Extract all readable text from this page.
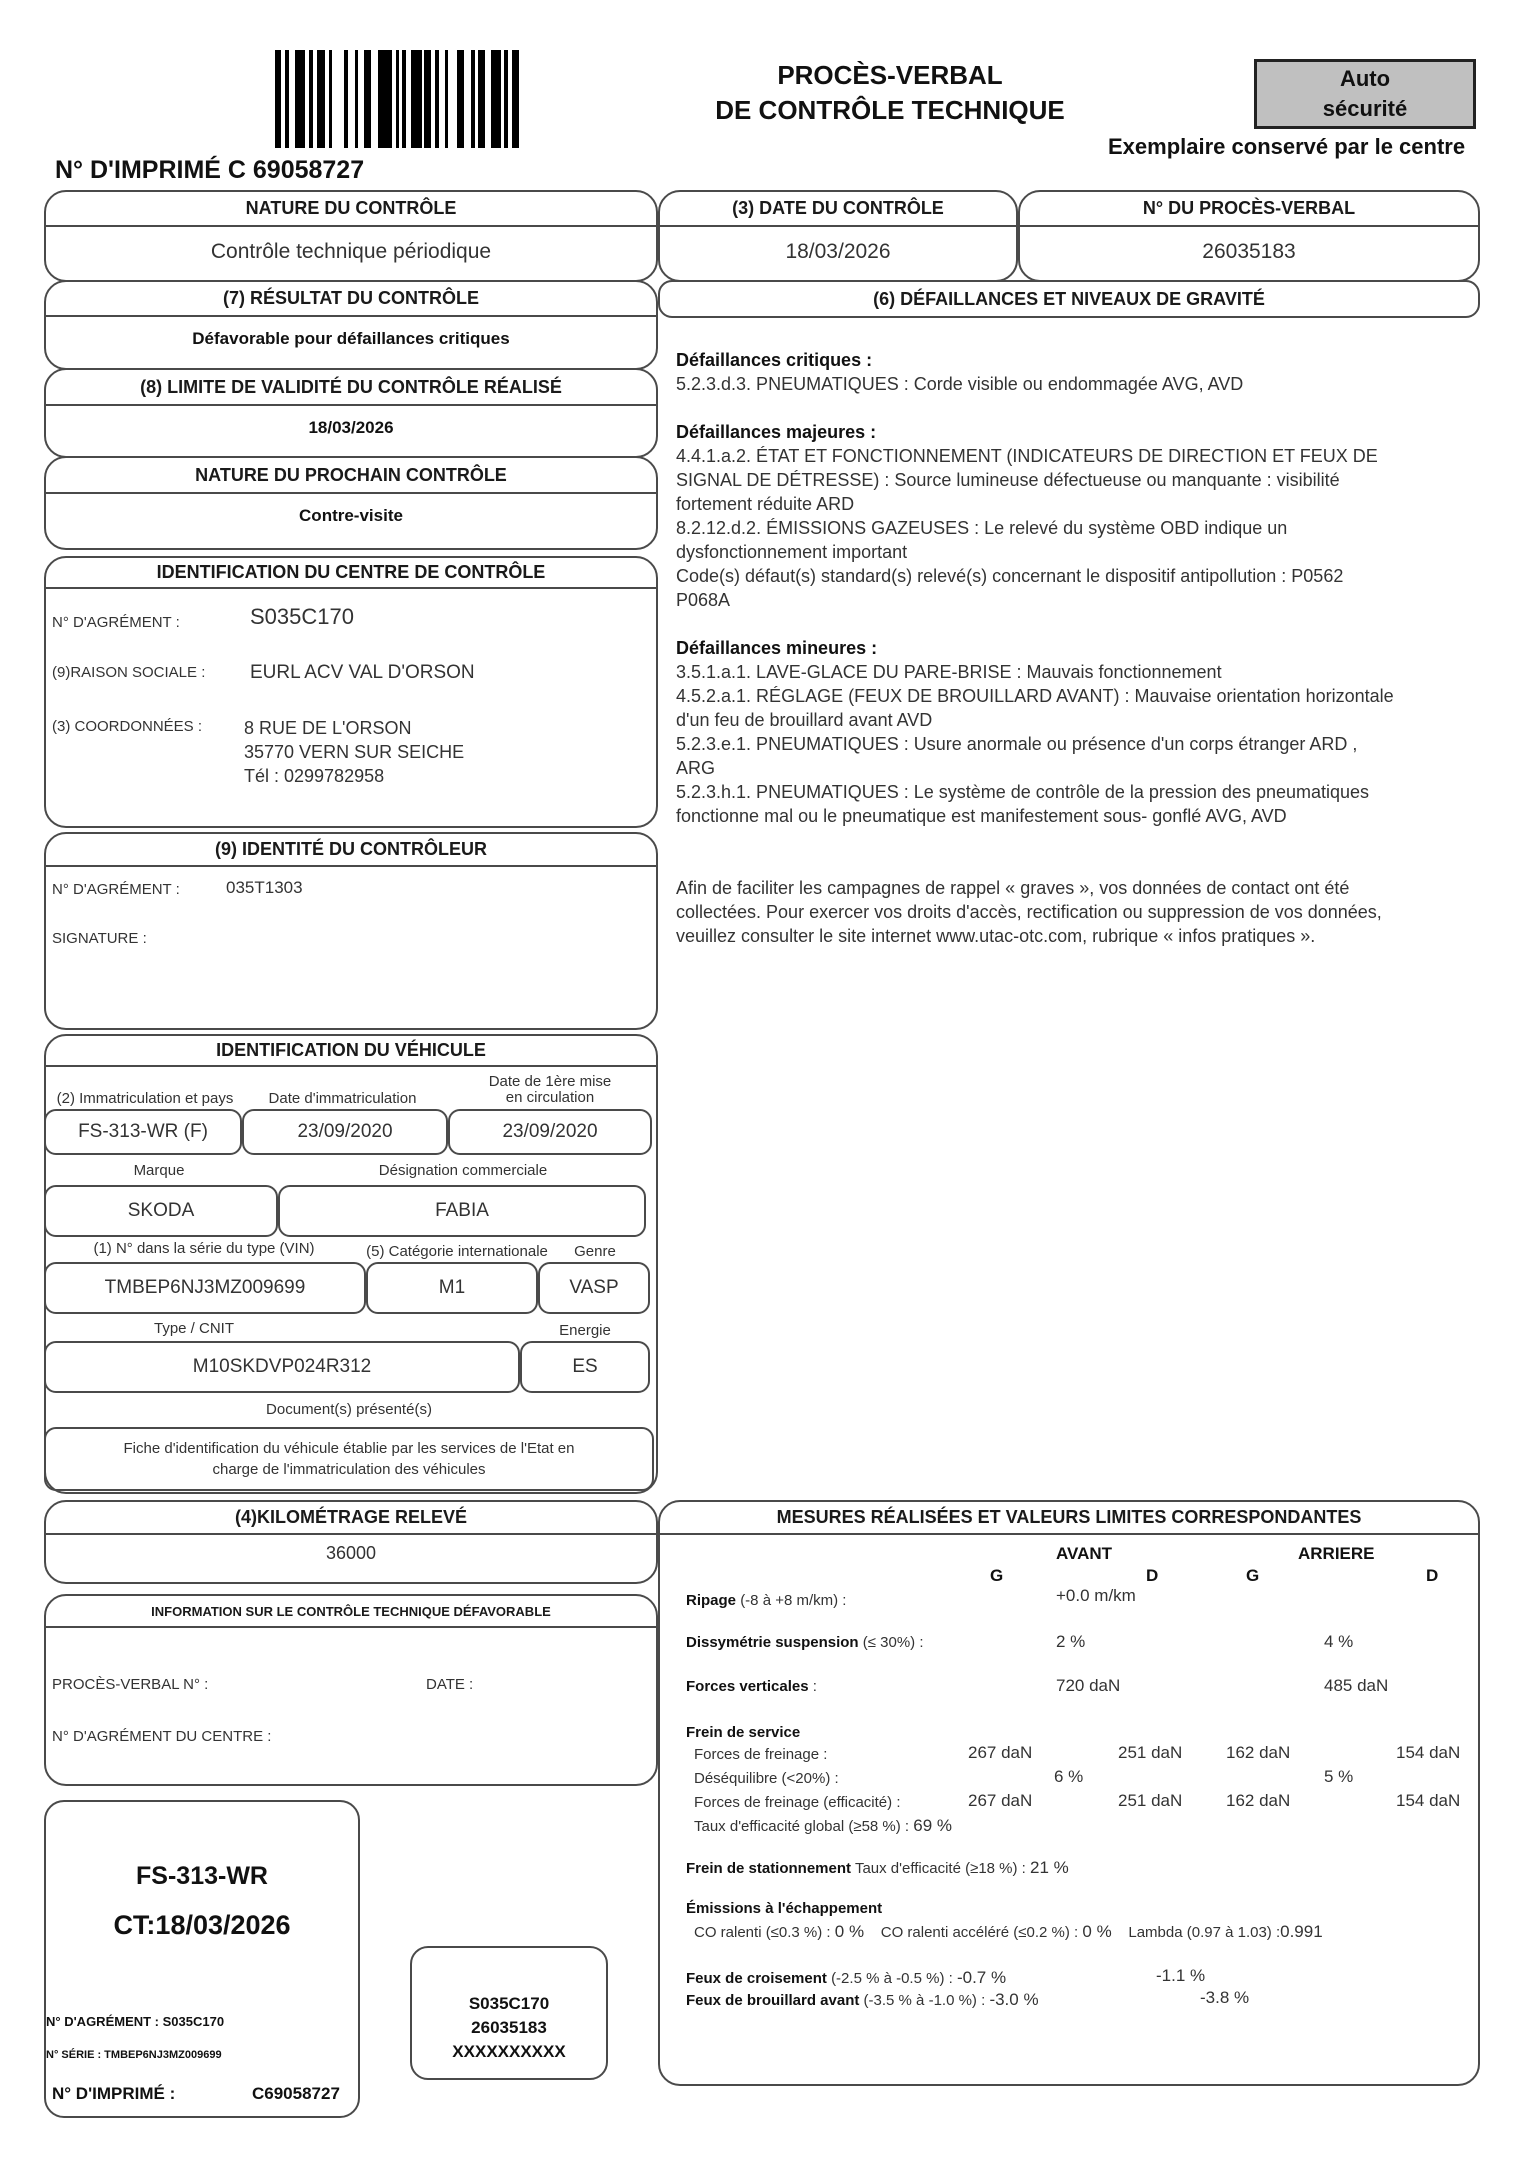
N° D'IMPRIMÉ C 69058727
PROCÈS-VERBAL
DE CONTRÔLE TECHNIQUE
Auto
sécurité
Exemplaire conservé par le centre
NATURE DU CONTRÔLE
Contrôle technique périodique
(3) DATE DU CONTRÔLE
18/03/2026
N° DU PROCÈS-VERBAL
26035183
(7) RÉSULTAT DU CONTRÔLE
Défavorable pour défaillances critiques
(8) LIMITE DE VALIDITÉ DU CONTRÔLE RÉALISÉ
18/03/2026
NATURE DU PROCHAIN CONTRÔLE
Contre-visite
IDENTIFICATION DU CENTRE DE CONTRÔLE
N° D'AGRÉMENT :	S035C170
(9)RAISON SOCIALE : EURL ACV VAL D'ORSON
(3) COORDONNÉES : 8 RUE DE L'ORSON
35770 VERN SUR SEICHE
Tél : 0299782958
(9) IDENTITÉ DU CONTRÔLEUR
N° D'AGRÉMENT :	035T1303
SIGNATURE :
IDENTIFICATION DU VÉHICULE
(2) Immatriculation et pays	Date d'immatriculation
Date de 1ère mise
en circulation
FS-313-WR (F)	23/09/2020	23/09/2020
Marque	Désignation commerciale
SKODA	FABIA
(1) N° dans la série du type (VIN)	(5) Catégorie internationale	Genre
TMBEP6NJ3MZ009699	M1	VASP
Type / CNIT	Energie
M10SKDVP024R312	ES
Document(s) présenté(s)
Fiche d'identification du véhicule établie par les services de l'Etat en
charge de l'immatriculation des véhicules
(4)KILOMÉTRAGE RELEVÉ
36000
INFORMATION SUR LE CONTRÔLE TECHNIQUE DÉFAVORABLE
PROCÈS-VERBAL N° :	DATE :
N° D'AGRÉMENT DU CENTRE :
FS-313-WR
CT:18/03/2026
N° D'AGRÉMENT : S035C170
N° SÉRIE : TMBEP6NJ3MZ009699
N° D'IMPRIMÉ :	C69058727
S035C170
26035183
XXXXXXXXXX
(6) DÉFAILLANCES ET NIVEAUX DE GRAVITÉ
Défaillances critiques :
5.2.3.d.3. PNEUMATIQUES : Corde visible ou endommagée AVG, AVD
Défaillances majeures :
4.4.1.a.2. ÉTAT ET FONCTIONNEMENT (INDICATEURS DE DIRECTION ET FEUX DE SIGNAL DE DÉTRESSE) : Source lumineuse défectueuse ou manquante : visibilité fortement réduite ARD
8.2.12.d.2. ÉMISSIONS GAZEUSES : Le relevé du système OBD indique un dysfonctionnement important
Code(s) défaut(s) standard(s) relevé(s) concernant le dispositif antipollution : P0562 P068A
Défaillances mineures :
3.5.1.a.1. LAVE-GLACE DU PARE-BRISE : Mauvais fonctionnement
4.5.2.a.1. RÉGLAGE (FEUX DE BROUILLARD AVANT) : Mauvaise orientation horizontale d'un feu de brouillard avant AVD
5.2.3.e.1. PNEUMATIQUES : Usure anormale ou présence d'un corps étranger ARD , ARG
5.2.3.h.1. PNEUMATIQUES : Le système de contrôle de la pression des pneumatiques fonctionne mal ou le pneumatique est manifestement sous- gonflé AVG, AVD
Afin de faciliter les campagnes de rappel « graves », vos données de contact ont été collectées. Pour exercer vos droits d'accès, rectification ou suppression de vos données, veuillez consulter le site internet www.utac-otc.com, rubrique « infos pratiques ».
MESURES RÉALISÉES ET VALEURS LIMITES CORRESPONDANTES
AVANT	ARRIERE
G	D	G	D
Ripage (-8 à +8 m/km) :	+0.0 m/km
Dissymétrie suspension (≤ 30%) :	2 %	4 %
Forces verticales :	720 daN	485 daN
Frein de service
Forces de freinage :	267 daN	251 daN	162 daN	154 daN
Déséquilibre (<20%) :	6 %	5 %
Forces de freinage (efficacité) :	267 daN	251 daN	162 daN	154 daN
Taux d'efficacité global (≥58 %) : 69 %
Frein de stationnement Taux d'efficacité (≥18 %) : 21 %
Émissions à l'échappement
CO ralenti (≤0.3 %) : 0 % CO ralenti accéléré (≤0.2 %) : 0 % Lambda (0.97 à 1.03) :0.991
Feux de croisement (-2.5 % à -0.5 %) : -0.7 %	-1.1 %
Feux de brouillard avant (-3.5 % à -1.0 %) : -3.0 %	-3.8 %
